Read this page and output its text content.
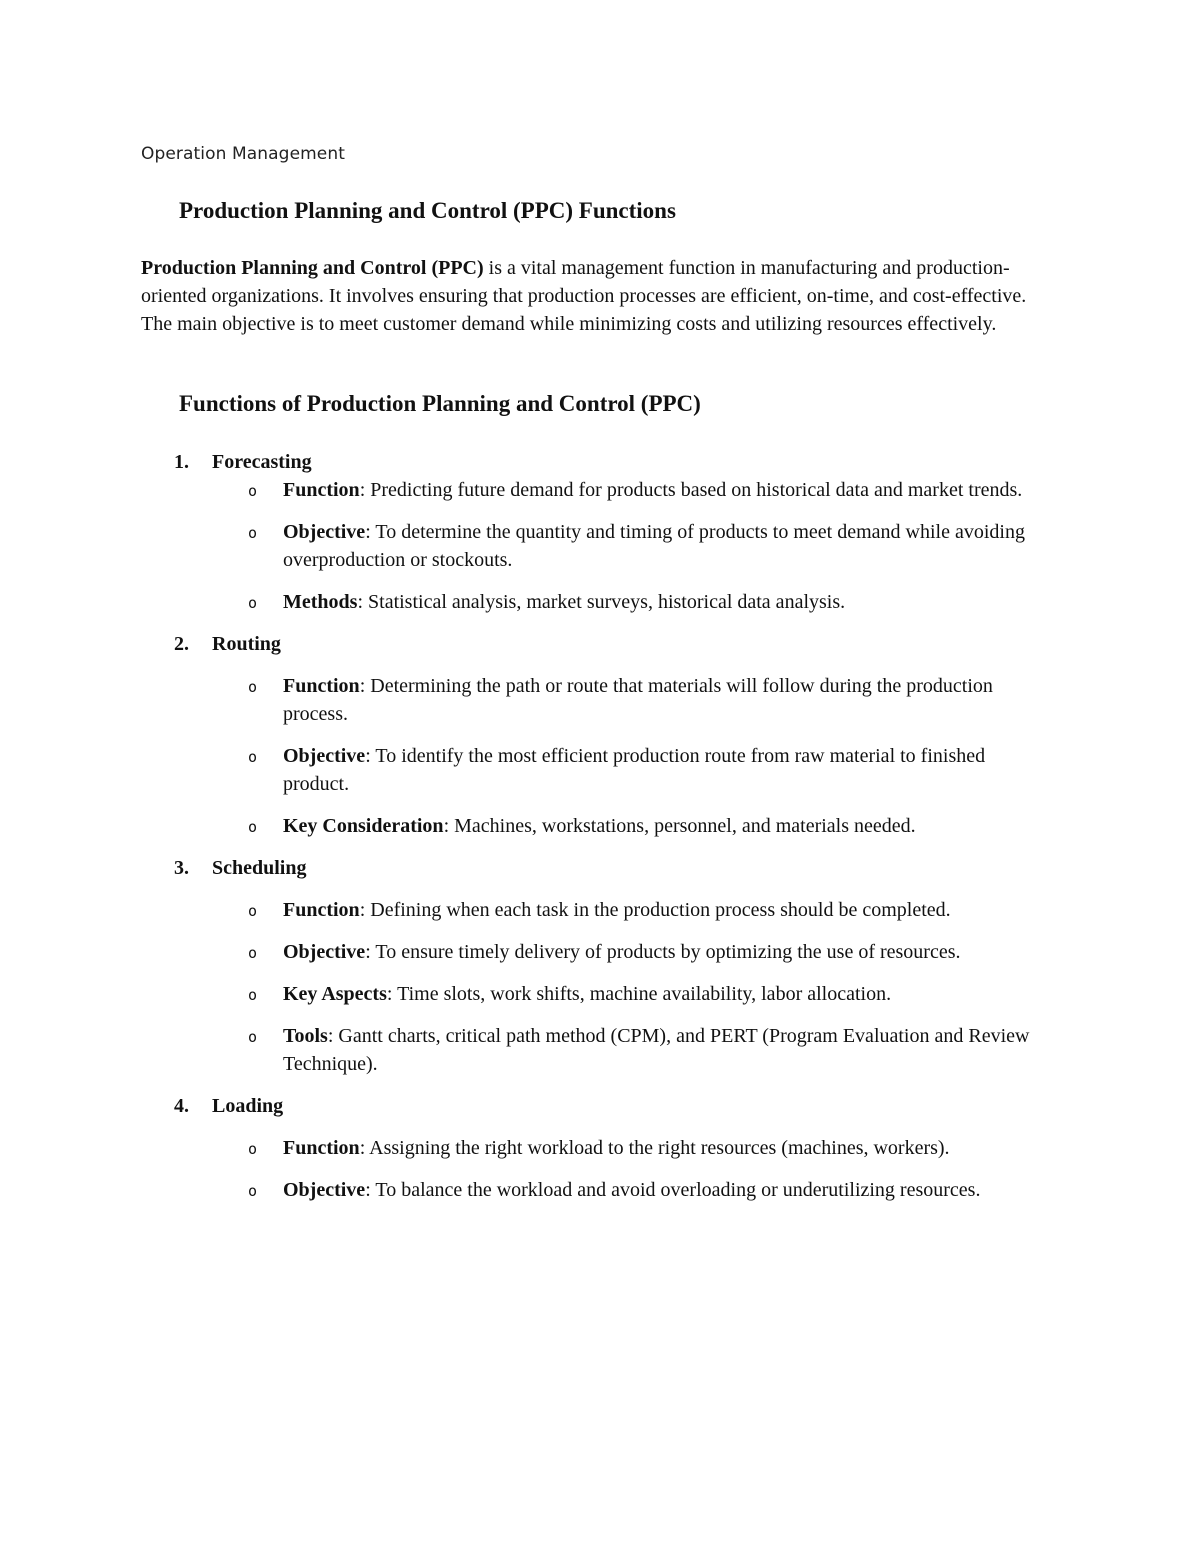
Operation Management
Production Planning and Control (PPC) Functions

Production Planning and Control (PPC) is a vital management function in manufacturing and production-oriented organizations. It involves ensuring that production processes are efficient, on-time, and cost-effective. The main objective is to meet customer demand while minimizing costs and utilizing resources effectively.

Functions of Production Planning and Control (PPC)
1. Forecasting
o Function: Predicting future demand for products based on historical data and market trends.
o Objective: To determine the quantity and timing of products to meet demand while avoiding overproduction or stockouts.
o Methods: Statistical analysis, market surveys, historical data analysis.
2. Routing
o Function: Determining the path or route that materials will follow during the production process.
o Objective: To identify the most efficient production route from raw material to finished product.
o Key Consideration: Machines, workstations, personnel, and materials needed.
3. Scheduling
o Function: Defining when each task in the production process should be completed.
o Objective: To ensure timely delivery of products by optimizing the use of resources.
o Key Aspects: Time slots, work shifts, machine availability, labor allocation.
o Tools: Gantt charts, critical path method (CPM), and PERT (Program Evaluation and Review Technique).
4. Loading
o Function: Assigning the right workload to the right resources (machines, workers).
o Objective: To balance the workload and avoid overloading or underutilizing resources.
